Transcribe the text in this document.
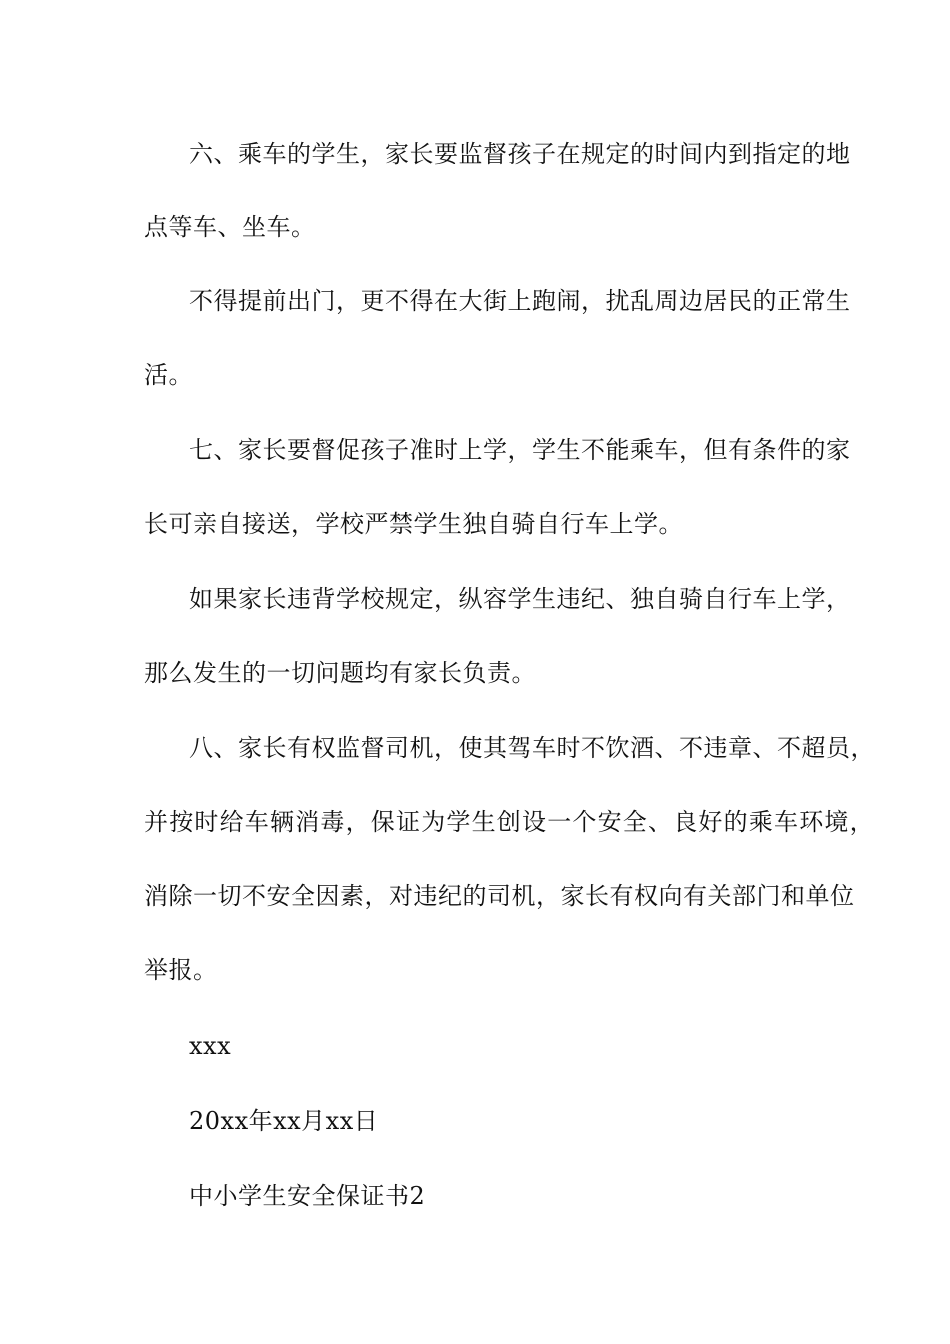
六、乘车的学生，家长要监督孩子在规定的时间内到指定的地
点等车、坐车。
不得提前出门，更不得在大街上跑闹，扰乱周边居民的正常生
活。
七、家长要督促孩子准时上学，学生不能乘车，但有条件的家
长可亲自接送，学校严禁学生独自骑自行车上学。
如果家长违背学校规定，纵容学生违纪、独自骑自行车上学，
那么发生的一切问题均有家长负责。
八、家长有权监督司机，使其驾车时不饮酒、不违章、不超员，
并按时给车辆消毒，保证为学生创设一个安全、良好的乘车环境，
消除一切不安全因素，对违纪的司机，家长有权向有关部门和单位
举报。
xxx
20xx年xx月xx日
中小学生安全保证书2
